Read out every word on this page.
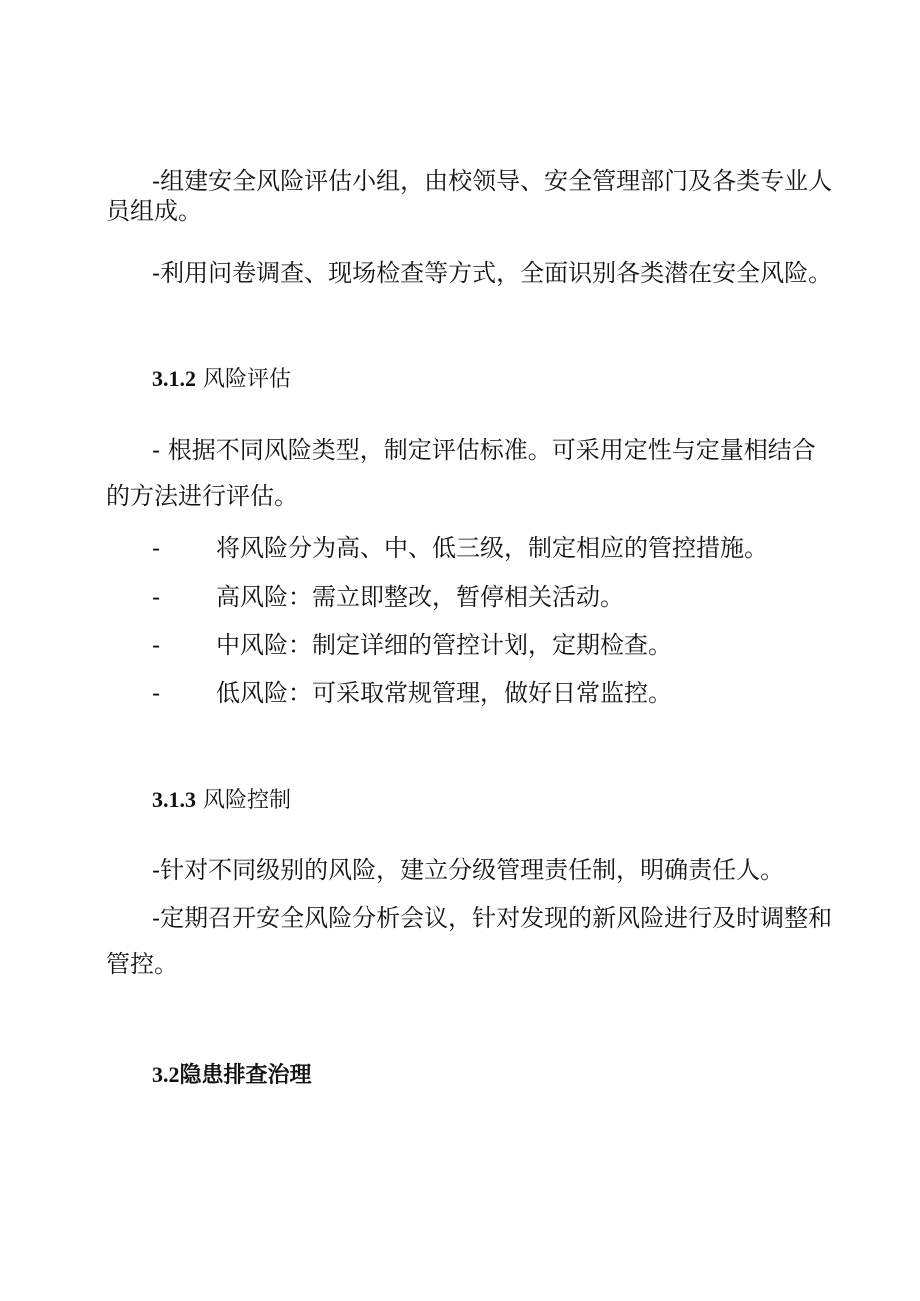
-组建安全风险评估小组，由校领导、安全管理部门及各类专业人

员组成。

-利用问卷调查、现场检查等方式，全面识别各类潜在安全风险。

3.1.2 风险评估

- 根据不同风险类型，制定评估标准。可采用定性与定量相结合

的方法进行评估。

- 将风险分为高、中、低三级，制定相应的管控措施。
- 高风险：需立即整改，暂停相关活动。
- 中风险：制定详细的管控计划，定期检查。
- 低风险：可采取常规管理，做好日常监控。
3.1.3 风险控制

-针对不同级别的风险，建立分级管理责任制，明确责任人。

-定期召开安全风险分析会议，针对发现的新风险进行及时调整和

管控。

3.2隐患排查治理
